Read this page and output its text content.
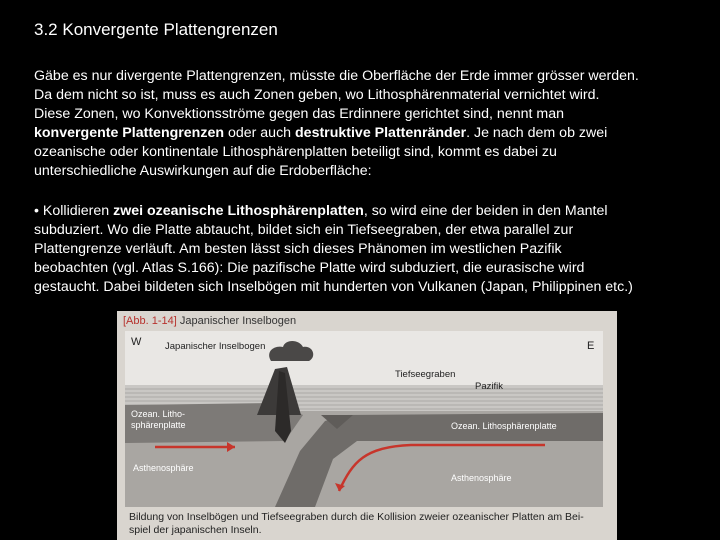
3.2 Konvergente Plattengrenzen
Gäbe es nur divergente Plattengrenzen, müsste die Oberfläche der Erde immer grösser werden.
Da dem nicht so ist, muss es auch Zonen geben, wo Lithosphärenmaterial vernichtet wird.
Diese Zonen, wo Konvektionsströme gegen das Erdinnere gerichtet sind, nennt man
konvergente Plattengrenzen oder auch destruktive Plattenränder. Je nach dem ob zwei
ozeanische oder kontinentale Lithosphärenplatten beteiligt sind, kommt es dabei zu
unterschiedliche Auswirkungen auf die Erdoberfläche:
• Kollidieren zwei ozeanische Lithosphärenplatten, so wird eine der beiden in den Mantel
subduziert. Wo die Platte abtaucht, bildet sich ein Tiefseegraben, der etwa parallel zur
Plattengrenze verläuft. Am besten lässt sich dieses Phänomen im westlichen Pazifik
beobachten (vgl. Atlas S.166): Die pazifische Platte wird subduziert, die eurasische wird
gestaucht. Dabei bildeten sich Inselbögen mit hunderten von Vulkanen (Japan, Philippinen etc.)
[Abb. 1-14] Japanischer Inselbogen
W	E
Japanischer Inselbogen
Tiefseegraben
Pazifik
Ozean. Litho-
sphärenplatte	Ozean. Lithosphärenplatte
Asthenosphäre
Asthenosphäre
Bildung von Inselbögen und Tiefseegraben durch die Kollision zweier ozeanischer Platten am Bei-
spiel der japanischen Inseln.
